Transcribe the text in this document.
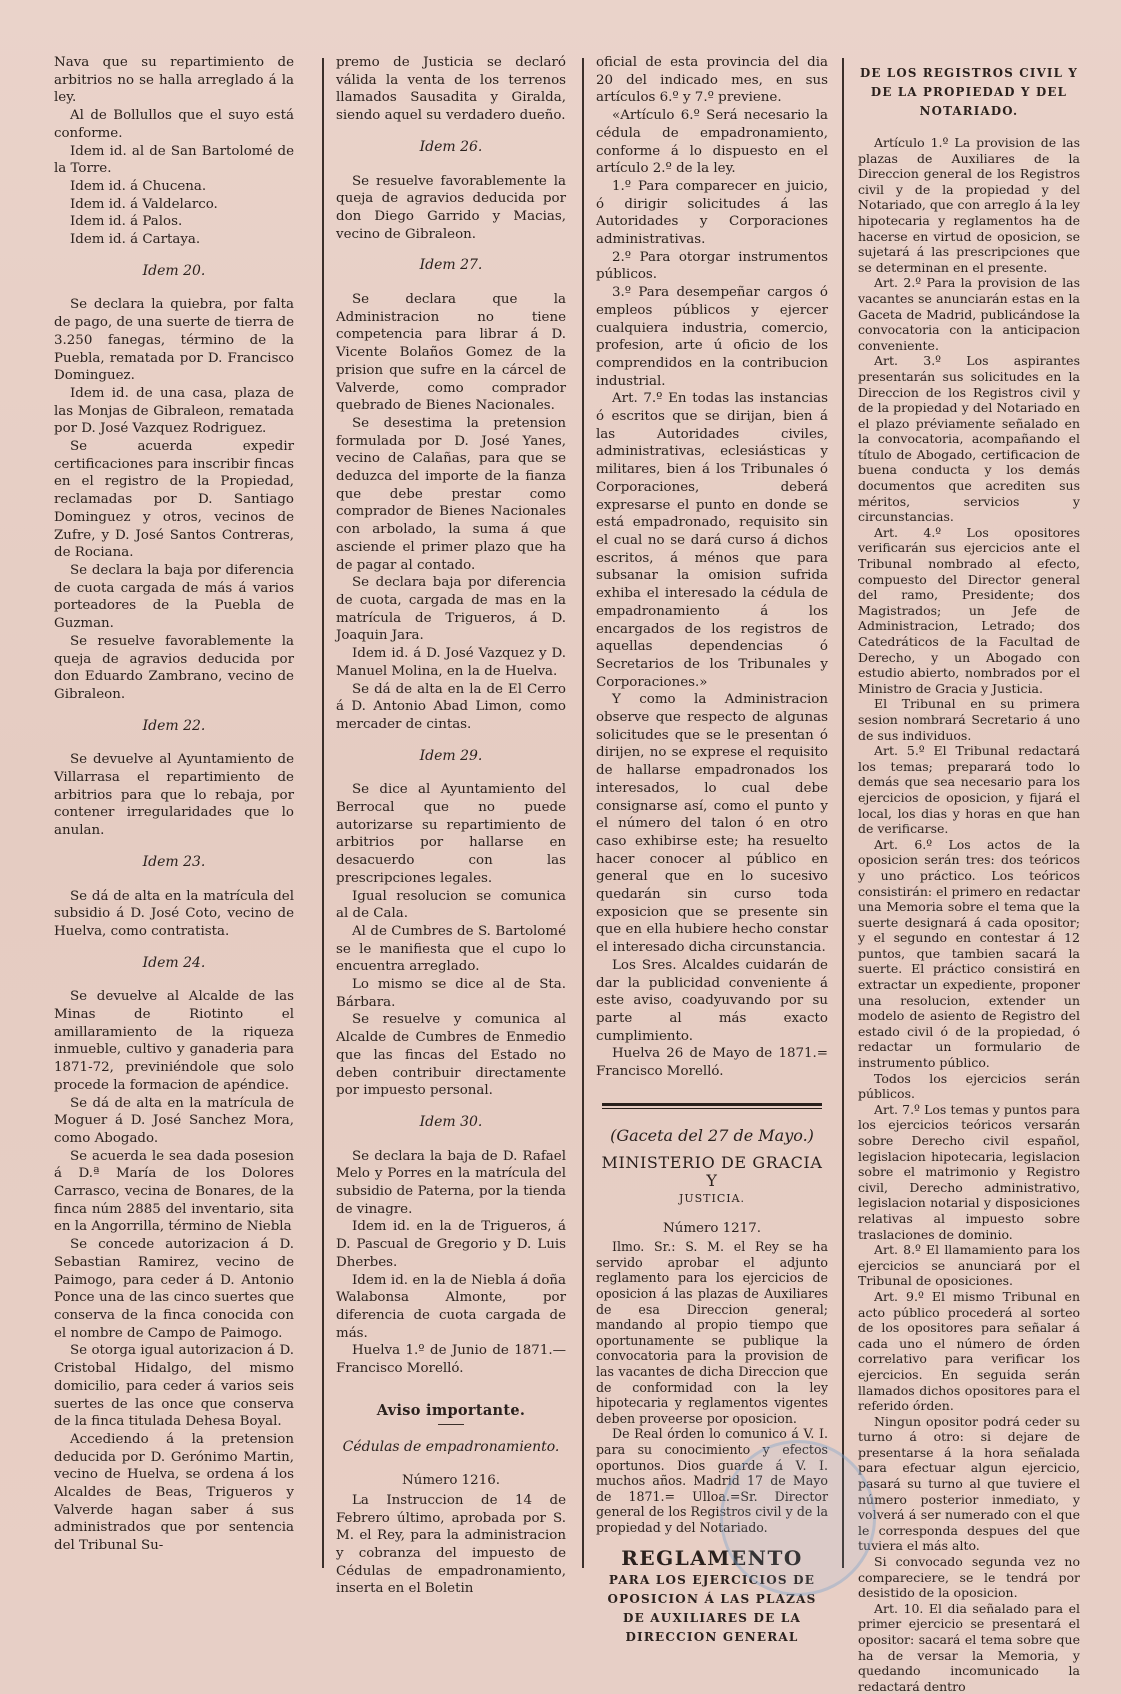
Nava que su repartimiento de arbitrios no se halla arreglado á la ley.

Al de Bollullos que el suyo está conforme.

Idem id. al de San Bartolomé de la Torre.

Idem id. á Chucena.

Idem id. á Valdelarco.

Idem id. á Palos.

Idem id. á Cartaya.

Idem 20.

Se declara la quiebra, por falta de pago, de una suerte de tierra de 3.250 fanegas, término de la Puebla, rematada por D. Francisco Dominguez.

Idem id. de una casa, plaza de las Monjas de Gibraleon, rematada por D. José Vazquez Rodriguez.

Se acuerda expedir certificaciones para inscribir fincas en el registro de la Propiedad, reclamadas por D. Santiago Dominguez y otros, vecinos de Zufre, y D. José Santos Contreras, de Rociana.

Se declara la baja por diferencia de cuota cargada de más á varios porteadores de la Puebla de Guzman.

Se resuelve favorablemente la queja de agravios deducida por don Eduardo Zambrano, vecino de Gibraleon.

Idem 22.

Se devuelve al Ayuntamiento de Villarrasa el repartimiento de arbitrios para que lo rebaja, por contener irregularidades que lo anulan.

Idem 23.

Se dá de alta en la matrícula del subsidio á D. José Coto, vecino de Huelva, como contratista.

Idem 24.

Se devuelve al Alcalde de las Minas de Riotinto el amillaramiento de la riqueza inmueble, cultivo y ganaderia para 1871-72, previniéndole que solo procede la formacion de apéndice.

Se dá de alta en la matrícula de Moguer á D. José Sanchez Mora, como Abogado.

Se acuerda le sea dada posesion á D.ª María de los Dolores Carrasco, vecina de Bonares, de la finca núm 2885 del inventario, sita en la Angorrilla, término de Niebla

Se concede autorizacion á D. Sebastian Ramirez, vecino de Paimogo, para ceder á D. Antonio Ponce una de las cinco suertes que conserva de la finca conocida con el nombre de Campo de Paimogo.

Se otorga igual autorizacion á D. Cristobal Hidalgo, del mismo domicilio, para ceder á varios seis suertes de las once que conserva de la finca titulada Dehesa Boyal.

Accediendo á la pretension deducida por D. Gerónimo Martin, vecino de Huelva, se ordena á los Alcaldes de Beas, Trigueros y Valverde hagan saber á sus administrados que por sentencia del Tribunal Su-

premo de Justicia se declaró válida la venta de los terrenos llamados Sausadita y Giralda, siendo aquel su verdadero dueño.

Idem 26.

Se resuelve favorablemente la queja de agravios deducida por don Diego Garrido y Macias, vecino de Gibraleon.

Idem 27.

Se declara que la Administracion no tiene competencia para librar á D. Vicente Bolaños Gomez de la prision que sufre en la cárcel de Valverde, como comprador quebrado de Bienes Nacionales.

Se desestima la pretension formulada por D. José Yanes, vecino de Calañas, para que se deduzca del importe de la fianza que debe prestar como comprador de Bienes Nacionales con arbolado, la suma á que asciende el primer plazo que ha de pagar al contado.

Se declara baja por diferencia de cuota, cargada de mas en la matrícula de Trigueros, á D. Joaquin Jara.

Idem id. á D. José Vazquez y D. Manuel Molina, en la de Huelva.

Se dá de alta en la de El Cerro á D. Antonio Abad Limon, como mercader de cintas.

Idem 29.

Se dice al Ayuntamiento del Berrocal que no puede autorizarse su repartimiento de arbitrios por hallarse en desacuerdo con las prescripciones legales.

Igual resolucion se comunica al de Cala.

Al de Cumbres de S. Bartolomé se le manifiesta que el cupo lo encuentra arreglado.

Lo mismo se dice al de Sta. Bárbara.

Se resuelve y comunica al Alcalde de Cumbres de Enmedio que las fincas del Estado no deben contribuir directamente por impuesto personal.

Idem 30.

Se declara la baja de D. Rafael Melo y Porres en la matrícula del subsidio de Paterna, por la tienda de vinagre.

Idem id. en la de Trigueros, á D. Pascual de Gregorio y D. Luis Dherbes.

Idem id. en la de Niebla á doña Walabonsa Almonte, por diferencia de cuota cargada de más.

Huelva 1.º de Junio de 1871.— Francisco Morelló.

Aviso importante.

Cédulas de empadronamiento.

Número 1216.

La Instruccion de 14 de Febrero último, aprobada por S. M. el Rey, para la administracion y cobranza del impuesto de Cédulas de empadronamiento, inserta en el Boletin

oficial de esta provincia del dia 20 del indicado mes, en sus artículos 6.º y 7.º previene.

«Artículo 6.º Será necesario la cédula de empadronamiento, conforme á lo dispuesto en el artículo 2.º de la ley.

1.º Para comparecer en juicio, ó dirigir solicitudes á las Autoridades y Corporaciones administrativas.

2.º Para otorgar instrumentos públicos.

3.º Para desempeñar cargos ó empleos públicos y ejercer cualquiera industria, comercio, profesion, arte ú oficio de los comprendidos en la contribucion industrial.

Art. 7.º En todas las instancias ó escritos que se dirijan, bien á las Autoridades civiles, administrativas, eclesiásticas y militares, bien á los Tribunales ó Corporaciones, deberá expresarse el punto en donde se está empadronado, requisito sin el cual no se dará curso á dichos escritos, á ménos que para subsanar la omision sufrida exhiba el interesado la cédula de empadronamiento á los encargados de los registros de aquellas dependencias ó Secretarios de los Tribunales y Corporaciones.»

Y como la Administracion observe que respecto de algunas solicitudes que se le presentan ó dirijen, no se exprese el requisito de hallarse empadronados los interesados, lo cual debe consignarse así, como el punto y el número del talon ó en otro caso exhibirse este; ha resuelto hacer conocer al público en general que en lo sucesivo quedarán sin curso toda exposicion que se presente sin que en ella hubiere hecho constar el interesado dicha circunstancia.

Los Sres. Alcaldes cuidarán de dar la publicidad conveniente á este aviso, coadyuvando por su parte al más exacto cumplimiento.

Huelva 26 de Mayo de 1871.= Francisco Morelló.

(Gaceta del 27 de Mayo.)

MINISTERIO DE GRACIA Y

JUSTICIA.

Número 1217.

Ilmo. Sr.: S. M. el Rey se ha servido aprobar el adjunto reglamento para los ejercicios de oposicion á las plazas de Auxiliares de esa Direccion general; mandando al propio tiempo que oportunamente se publique la convocatoria para la provision de las vacantes de dicha Direccion que de conformidad con la ley hipotecaria y reglamentos vigentes deben proveerse por oposicion.

De Real órden lo comunico á V. I. para su conocimiento y efectos oportunos. Dios guarde á V. I. muchos años. Madrid 17 de Mayo de 1871.= Ulloa.=Sr. Director general de los Registros civil y de la propiedad y del Notariado.

REGLAMENTO

PARA LOS EJERCICIOS DE OPOSICION Á LAS PLAZAS DE AUXILIARES DE LA DIRECCION GENERAL

DE LOS REGISTROS CIVIL Y DE LA PROPIEDAD Y DEL NOTARIADO.

Artículo 1.º La provision de las plazas de Auxiliares de la Direccion general de los Registros civil y de la propiedad y del Notariado, que con arreglo á la ley hipotecaria y reglamentos ha de hacerse en virtud de oposicion, se sujetará á las prescripciones que se determinan en el presente.

Art. 2.º Para la provision de las vacantes se anunciarán estas en la Gaceta de Madrid, publicándose la convocatoria con la anticipacion conveniente.

Art. 3.º Los aspirantes presentarán sus solicitudes en la Direccion de los Registros civil y de la propiedad y del Notariado en el plazo préviamente señalado en la convocatoria, acompañando el título de Abogado, certificacion de buena conducta y los demás documentos que acrediten sus méritos, servicios y circunstancias.

Art. 4.º Los opositores verificarán sus ejercicios ante el Tribunal nombrado al efecto, compuesto del Director general del ramo, Presidente; dos Magistrados; un Jefe de Administracion, Letrado; dos Catedráticos de la Facultad de Derecho, y un Abogado con estudio abierto, nombrados por el Ministro de Gracia y Justicia.

El Tribunal en su primera sesion nombrará Secretario á uno de sus individuos.

Art. 5.º El Tribunal redactará los temas; preparará todo lo demás que sea necesario para los ejercicios de oposicion, y fijará el local, los dias y horas en que han de verificarse.

Art. 6.º Los actos de la oposicion serán tres: dos teóricos y uno práctico. Los teóricos consistirán: el primero en redactar una Memoria sobre el tema que la suerte designará á cada opositor; y el segundo en contestar á 12 puntos, que tambien sacará la suerte. El práctico consistirá en extractar un expediente, proponer una resolucion, extender un modelo de asiento de Registro del estado civil ó de la propiedad, ó redactar un formulario de instrumento público.

Todos los ejercicios serán públicos.

Art. 7.º Los temas y puntos para los ejercicios teóricos versarán sobre Derecho civil español, legislacion hipotecaria, legislacion sobre el matrimonio y Registro civil, Derecho administrativo, legislacion notarial y disposiciones relativas al impuesto sobre traslaciones de dominio.

Art. 8.º El llamamiento para los ejercicios se anunciará por el Tribunal de oposiciones.

Art. 9.º El mismo Tribunal en acto público procederá al sorteo de los opositores para señalar á cada uno el número de órden correlativo para verificar los ejercicios. En seguida serán llamados dichos opositores para el referido órden.

Ningun opositor podrá ceder su turno á otro: si dejare de presentarse á la hora señalada para efectuar algun ejercicio, pasará su turno al que tuviere el número posterior inmediato, y volverá á ser numerado con el que le corresponda despues del que tuviera el más alto.

Si convocado segunda vez no compareciere, se le tendrá por desistido de la oposicion.

Art. 10. El dia señalado para el primer ejercicio se presentará el opositor: sacará el tema sobre que ha de versar la Memoria, y quedando incomunicado la redactará dentro
